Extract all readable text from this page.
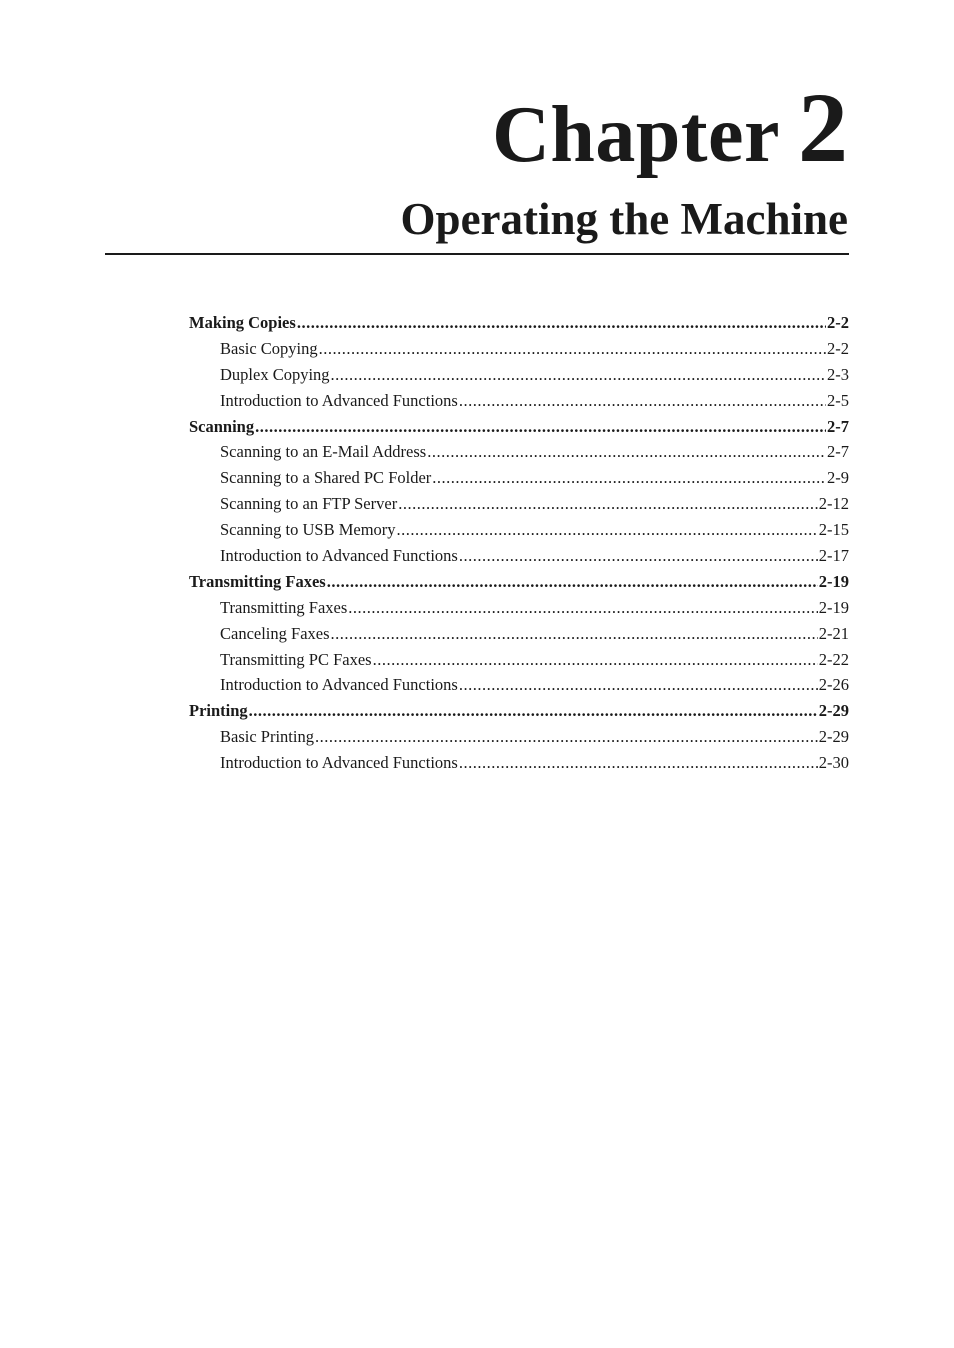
Chapter 2
Operating the Machine
Making Copies .....	2-2
Basic Copying .....	2-2
Duplex Copying .....	2-3
Introduction to Advanced Functions .....	2-5
Scanning .....	2-7
Scanning to an E-Mail Address .....	2-7
Scanning to a Shared PC Folder .....	2-9
Scanning to an FTP Server .....	2-12
Scanning to USB Memory .....	2-15
Introduction to Advanced Functions .....	2-17
Transmitting Faxes .....	2-19
Transmitting Faxes .....	2-19
Canceling Faxes .....	2-21
Transmitting PC Faxes .....	2-22
Introduction to Advanced Functions .....	2-26
Printing .....	2-29
Basic Printing .....	2-29
Introduction to Advanced Functions .....	2-30
